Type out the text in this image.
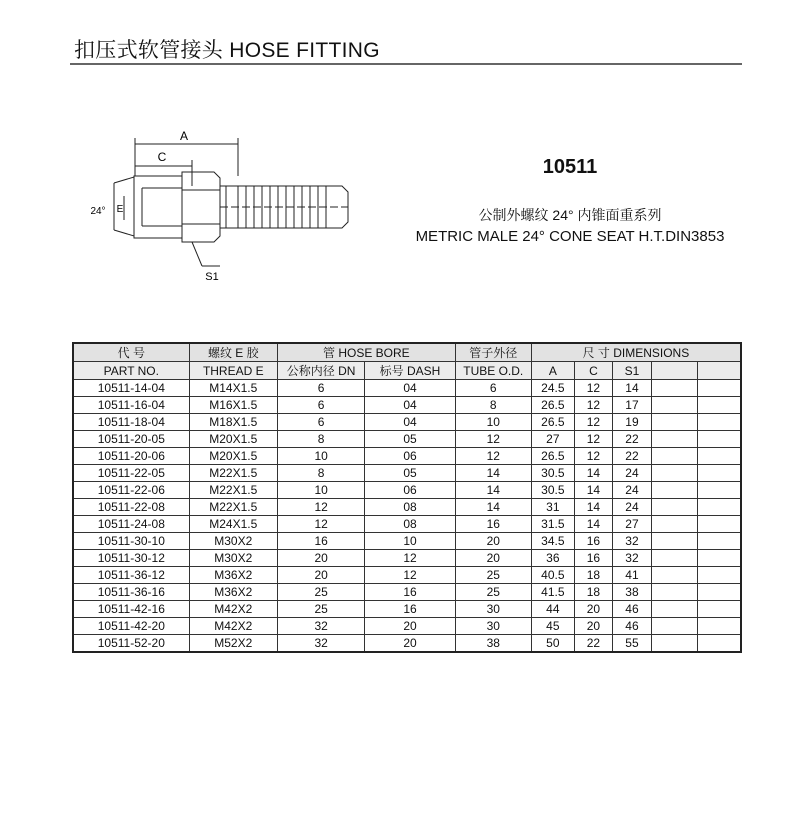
扣压式软管接头 HOSE FITTING
A
C
E
24°
S1
10511
公制外螺纹 24° 内锥面重系列
METRIC MALE 24° CONE SEAT H.T.DIN3853
代 号	螺纹 E 胶	管 HOSE BORE		管子外径	尺 寸 DIMENSIONS				
PART NO.	THREAD E	公称内径 DN	标号 DASH	TUBE O.D.	A	C	S1		
10511-14-04	M14X1.5	6	04	6	24.5	12	14		
10511-16-04	M16X1.5	6	04	8	26.5	12	17		
10511-18-04	M18X1.5	6	04	10	26.5	12	19		
10511-20-05	M20X1.5	8	05	12	27	12	22		
10511-20-06	M20X1.5	10	06	12	26.5	12	22		
10511-22-05	M22X1.5	8	05	14	30.5	14	24		
10511-22-06	M22X1.5	10	06	14	30.5	14	24		
10511-22-08	M22X1.5	12	08	14	31	14	24		
10511-24-08	M24X1.5	12	08	16	31.5	14	27		
10511-30-10	M30X2	16	10	20	34.5	16	32		
10511-30-12	M30X2	20	12	20	36	16	32		
10511-36-12	M36X2	20	12	25	40.5	18	41		
10511-36-16	M36X2	25	16	25	41.5	18	38		
10511-42-16	M42X2	25	16	30	44	20	46		
10511-42-20	M42X2	32	20	30	45	20	46		
10511-52-20	M52X2	32	20	38	50	22	55		
